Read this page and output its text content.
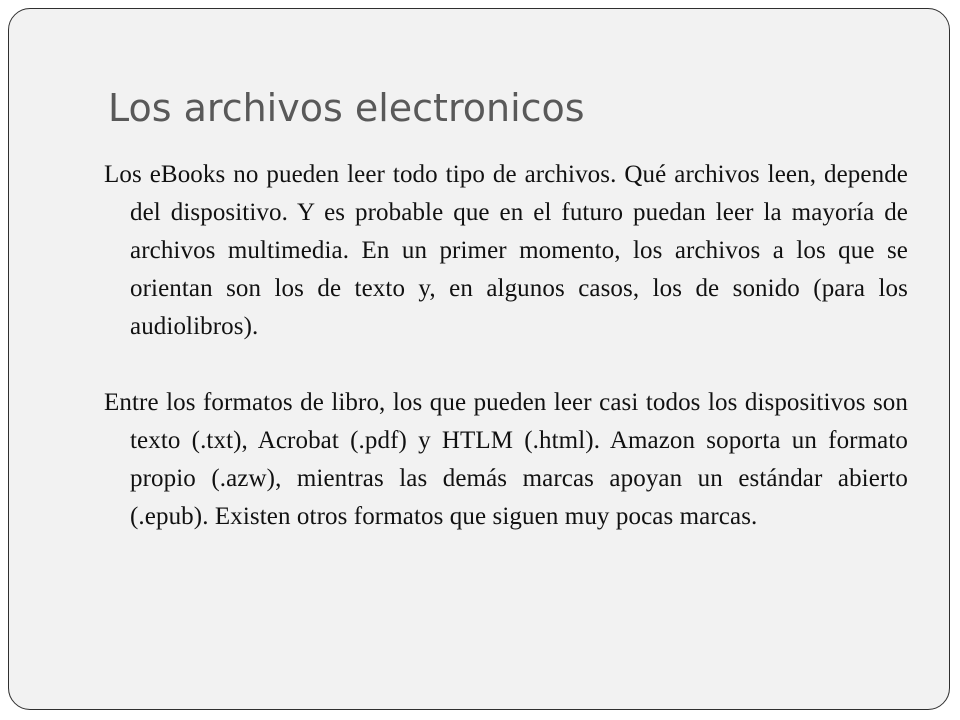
Los archivos electronicos

Los eBooks no pueden leer todo tipo de archivos. Qué archivos leen, depende del dispositivo. Y es probable que en el futuro puedan leer la mayoría de archivos multimedia. En un primer momento, los archivos a los que se orientan son los de texto y, en algunos casos, los de sonido (para los audiolibros).

Entre los formatos de libro, los que pueden leer casi todos los dispositivos son texto (.txt), Acrobat (.pdf) y HTLM (.html). Amazon soporta un formato propio (.azw), mientras las demás marcas apoyan un estándar abierto (.epub). Existen otros formatos que siguen muy pocas marcas.
